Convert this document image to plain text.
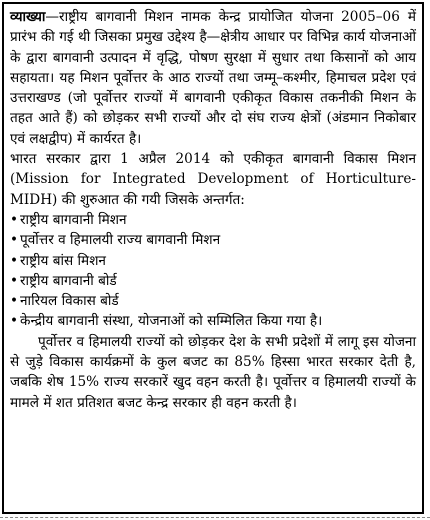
व्याख्या—राष्ट्रीय बागवानी मिशन नामक केन्द्र प्रायोजित योजना 2005–06 में प्रारंभ की गई थी जिसका प्रमुख उद्देश्य है—क्षेत्रीय आधार पर विभिन्न कार्य योजनाओं के द्वारा बागवानी उत्पादन में वृद्धि, पोषण सुरक्षा में सुधार तथा किसानों को आय सहायता। यह मिशन पूर्वोत्तर के आठ राज्यों तथा जम्मू–कश्मीर, हिमाचल प्रदेश एवं उत्तराखण्ड (जो पूर्वोत्तर राज्यों में बागवानी एकीकृत विकास तकनीकी मिशन के तहत आते हैं) को छोड़कर सभी राज्यों और दो संघ राज्य क्षेत्रों (अंडमान निकोबार एवं लक्षद्वीप) में कार्यरत है।

भारत सरकार द्वारा 1 अप्रैल 2014 को एकीकृत बागवानी विकास मिशन (Mission for Integrated Development of Horticulture-MIDH) की शुरुआत की गयी जिसके अन्तर्गत:

• राष्ट्रीय बागवानी मिशन
• पूर्वोत्तर व हिमालयी राज्य बागवानी मिशन
• राष्ट्रीय बांस मिशन
• राष्ट्रीय बागवानी बोर्ड
• नारियल विकास बोर्ड
• केन्द्रीय बागवानी संस्था, योजनाओं को सम्मिलित किया गया है।

पूर्वोत्तर व हिमालयी राज्यों को छोड़कर देश के सभी प्रदेशों में लागू इस योजना से जुड़े विकास कार्यक्रमों के कुल बजट का 85% हिस्सा भारत सरकार देती है, जबकि शेष 15% राज्य सरकारें खुद वहन करती है। पूर्वोत्तर व हिमालयी राज्यों के मामले में शत प्रतिशत बजट केन्द्र सरकार ही वहन करती है।
